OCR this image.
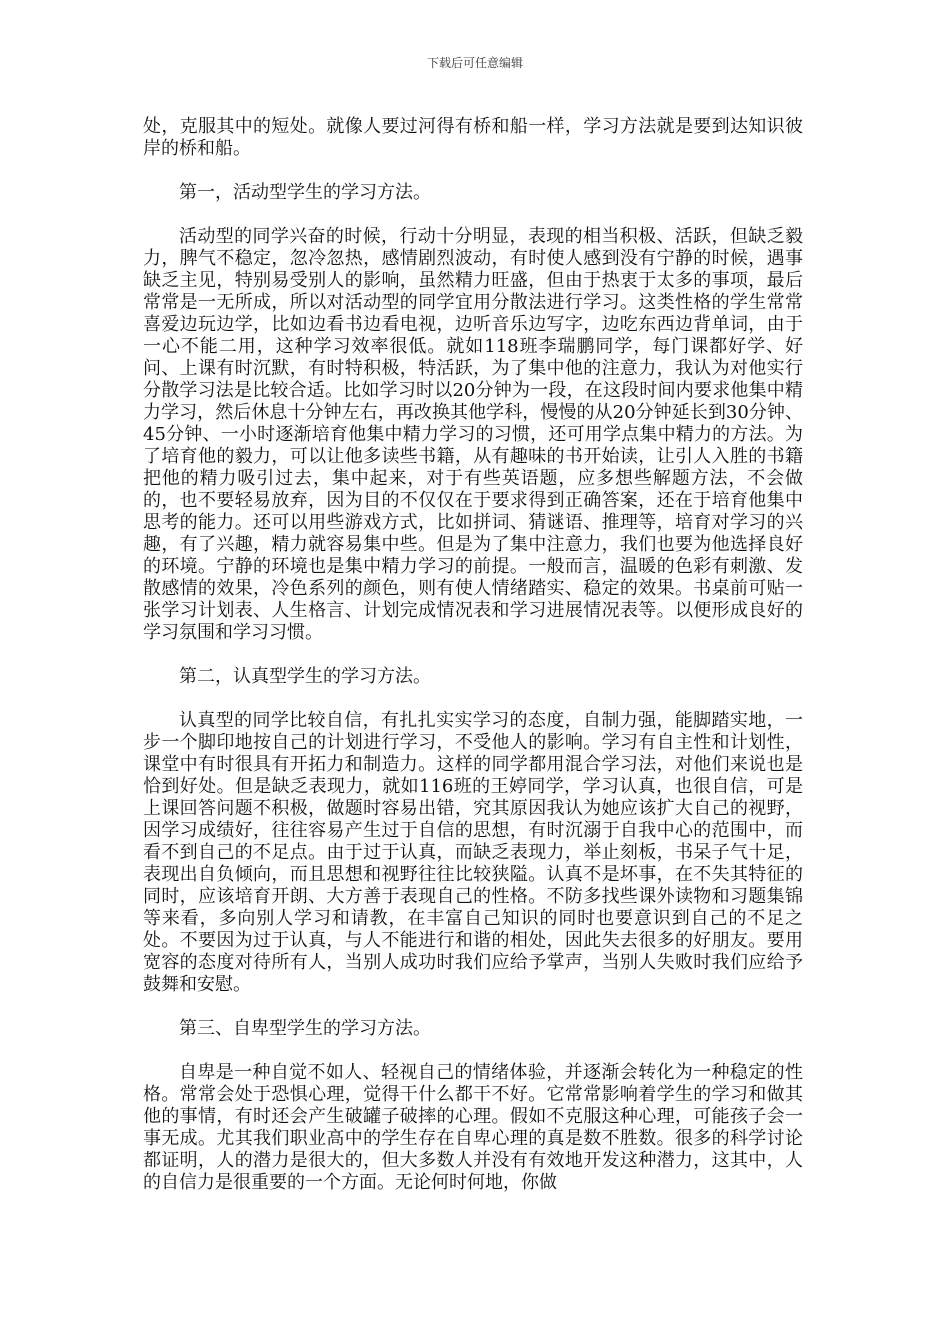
下载后可任意编辑

处，克服其中的短处。就像人要过河得有桥和船一样，学习方法就是要到达知识彼岸的桥和船。

第一，活动型学生的学习方法。

活动型的同学兴奋的时候，行动十分明显，表现的相当积极、活跃，但缺乏毅力，脾气不稳定，忽冷忽热，感情剧烈波动，有时使人感到没有宁静的时候，遇事缺乏主见，特别易受别人的影响，虽然精力旺盛，但由于热衷于太多的事项，最后常常是一无所成，所以对活动型的同学宜用分散法进行学习。这类性格的学生常常喜爱边玩边学，比如边看书边看电视，边听音乐边写字，边吃东西边背单词，由于一心不能二用，这种学习效率很低。就如118班李瑞鹏同学，每门课都好学、好问、上课有时沉默，有时特积极，特活跃，为了集中他的注意力，我认为对他实行分散学习法是比较合适。比如学习时以20分钟为一段，在这段时间内要求他集中精力学习，然后休息十分钟左右，再改换其他学科，慢慢的从20分钟延长到30分钟、45分钟、一小时逐渐培育他集中精力学习的习惯，还可用学点集中精力的方法。为了培育他的毅力，可以让他多读些书籍，从有趣味的书开始读，让引人入胜的书籍把他的精力吸引过去，集中起来，对于有些英语题，应多想些解题方法，不会做的，也不要轻易放弃，因为目的不仅仅在于要求得到正确答案，还在于培育他集中思考的能力。还可以用些游戏方式，比如拼词、猜谜语、推理等，培育对学习的兴趣，有了兴趣，精力就容易集中些。但是为了集中注意力，我们也要为他选择良好的环境。宁静的环境也是集中精力学习的前提。一般而言，温暖的色彩有刺激、发散感情的效果，冷色系列的颜色，则有使人情绪踏实、稳定的效果。书桌前可贴一张学习计划表、人生格言、计划完成情况表和学习进展情况表等。以便形成良好的学习氛围和学习习惯。

第二，认真型学生的学习方法。

认真型的同学比较自信，有扎扎实实学习的态度，自制力强，能脚踏实地，一步一个脚印地按自己的计划进行学习，不受他人的影响。学习有自主性和计划性，课堂中有时很具有开拓力和制造力。这样的同学都用混合学习法，对他们来说也是恰到好处。但是缺乏表现力，就如116班的王婷同学，学习认真，也很自信，可是上课回答问题不积极，做题时容易出错，究其原因我认为她应该扩大自己的视野，因学习成绩好，往往容易产生过于自信的思想，有时沉溺于自我中心的范围中，而看不到自己的不足点。由于过于认真，而缺乏表现力，举止刻板，书呆子气十足，表现出自负倾向，而且思想和视野往往比较狭隘。认真不是坏事，在不失其特征的同时，应该培育开朗、大方善于表现自己的性格。不防多找些课外读物和习题集锦等来看，多向别人学习和请教，在丰富自己知识的同时也要意识到自己的不足之处。不要因为过于认真，与人不能进行和谐的相处，因此失去很多的好朋友。要用宽容的态度对待所有人，当别人成功时我们应给予掌声，当别人失败时我们应给予鼓舞和安慰。

第三、自卑型学生的学习方法。

自卑是一种自觉不如人、轻视自己的情绪体验，并逐渐会转化为一种稳定的性格。常常会处于恐惧心理，觉得干什么都干不好。它常常影响着学生的学习和做其他的事情，有时还会产生破罐子破摔的心理。假如不克服这种心理，可能孩子会一事无成。尤其我们职业高中的学生存在自卑心理的真是数不胜数。很多的科学讨论都证明，人的潜力是很大的，但大多数人并没有有效地开发这种潜力，这其中，人的自信力是很重要的一个方面。无论何时何地，你做
